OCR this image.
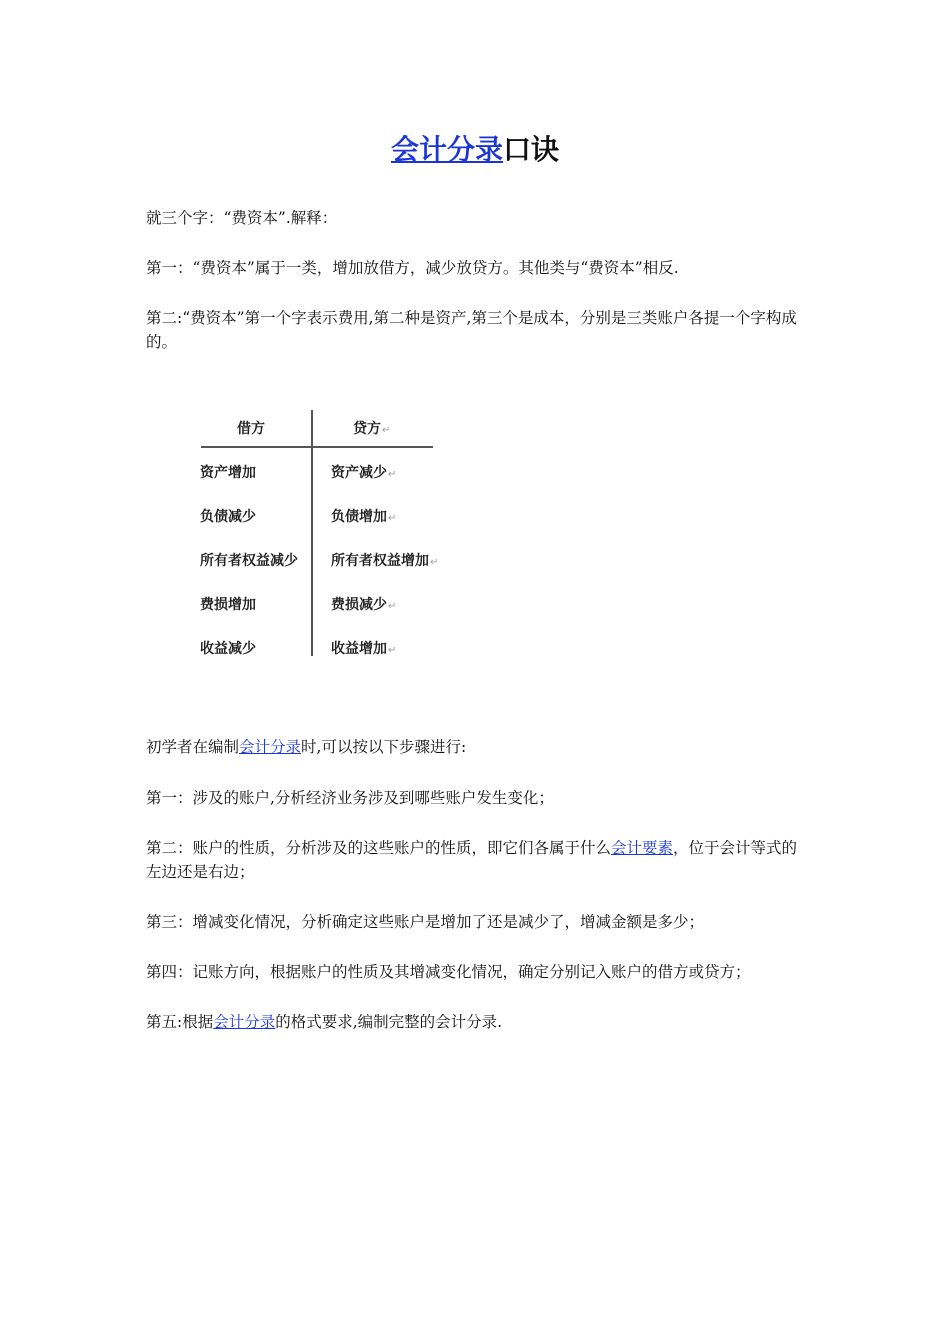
会计分录口诀

就三个字：“费资本”.解释：

第一：“费资本”属于一类，增加放借方，减少放贷方。其他类与“费资本”相反.

第二:“费资本”第一个字表示费用,第二种是资产,第三个是成本，分别是三类账户各提一个字构成的。

借方	贷方↵
资产增加	资产减少↵
负债减少	负债增加↵
所有者权益减少 所有者权益增加↵
费损增加	费损减少↵
收益减少	收益增加↵

初学者在编制会计分录时,可以按以下步骤进行:

第一：涉及的账户,分析经济业务涉及到哪些账户发生变化；

第二：账户的性质，分析涉及的这些账户的性质，即它们各属于什么会计要素，位于会计等式的左边还是右边；

第三：增减变化情况，分析确定这些账户是增加了还是减少了，增减金额是多少；

第四：记账方向，根据账户的性质及其增减变化情况，确定分别记入账户的借方或贷方；

第五:根据会计分录的格式要求,编制完整的会计分录.
